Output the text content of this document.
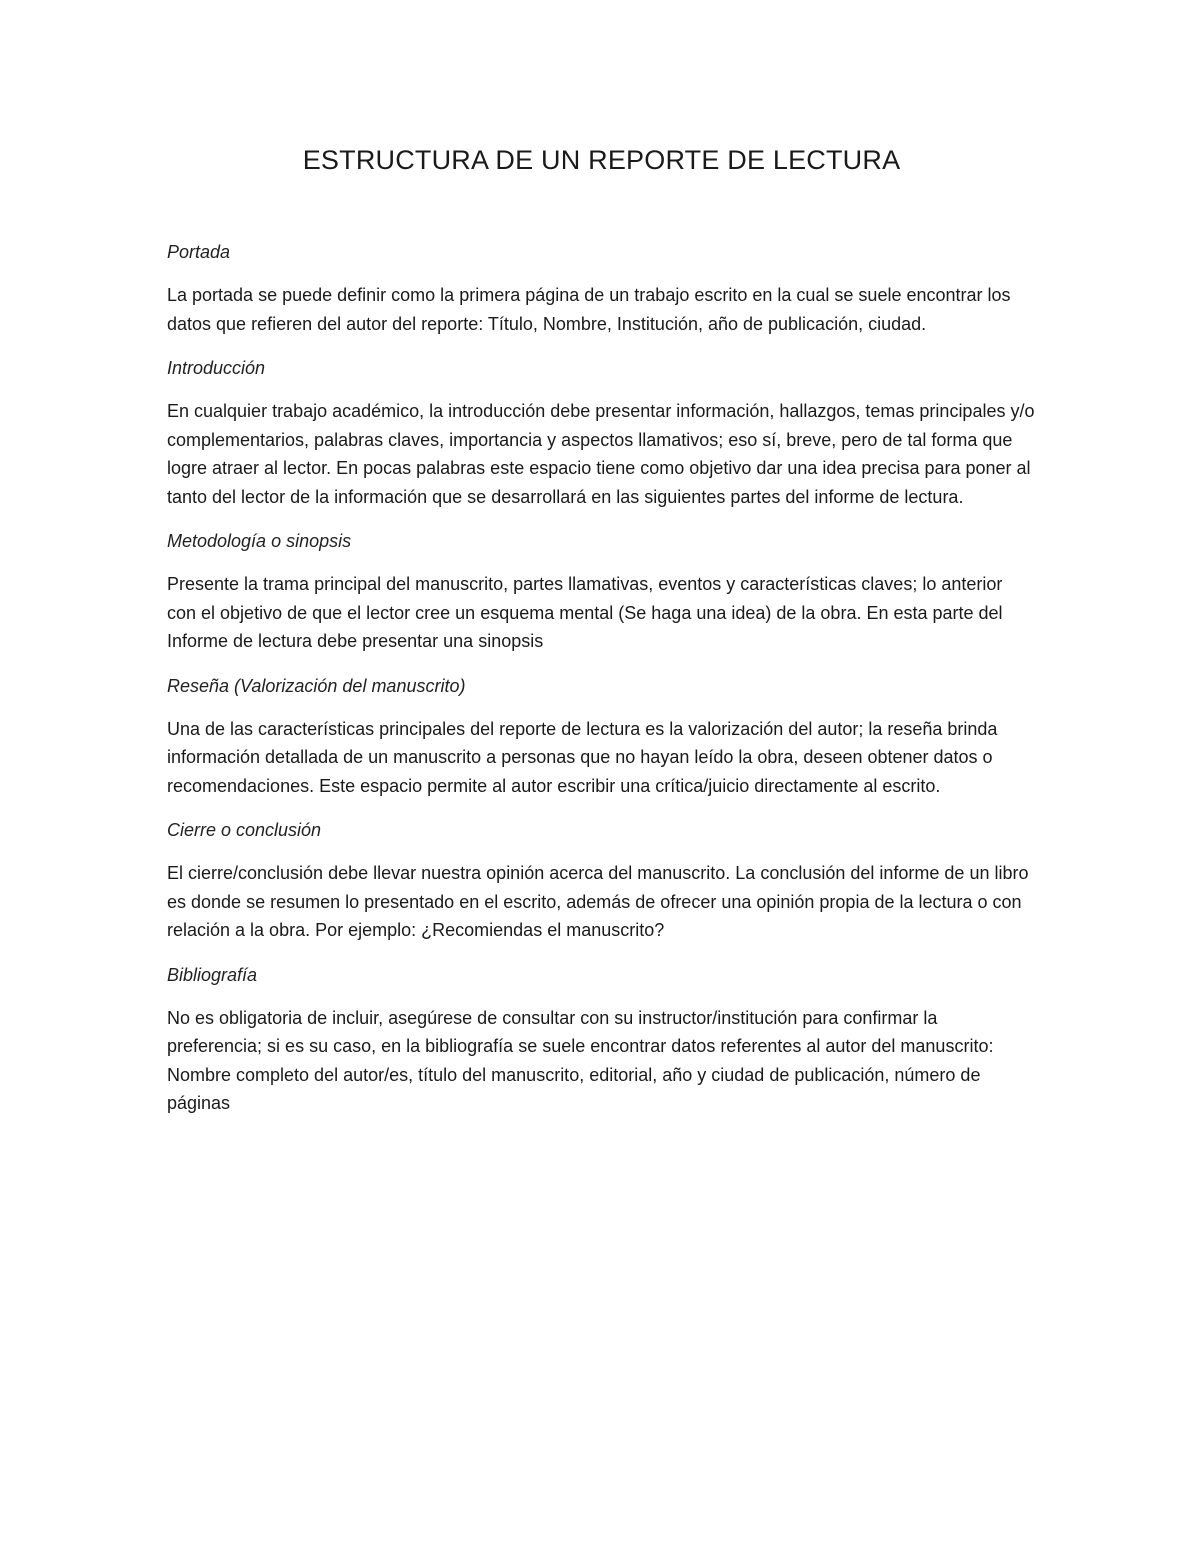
ESTRUCTURA DE UN REPORTE DE LECTURA

Portada

La portada se puede definir como la primera página de un trabajo escrito en la cual se suele encontrar los datos que refieren del autor del reporte: Título, Nombre, Institución, año de publicación, ciudad.

Introducción

En cualquier trabajo académico, la introducción debe presentar información, hallazgos, temas principales y/o complementarios, palabras claves, importancia y aspectos llamativos; eso sí, breve, pero de tal forma que logre atraer al lector. En pocas palabras este espacio tiene como objetivo dar una idea precisa para poner al tanto del lector de la información que se desarrollará en las siguientes partes del informe de lectura.

Metodología o sinopsis

Presente la trama principal del manuscrito, partes llamativas, eventos y características claves; lo anterior con el objetivo de que el lector cree un esquema mental (Se haga una idea) de la obra. En esta parte del Informe de lectura debe presentar una sinopsis

Reseña (Valorización del manuscrito)

Una de las características principales del reporte de lectura es la valorización del autor; la reseña brinda información detallada de un manuscrito a personas que no hayan leído la obra, deseen obtener datos o recomendaciones. Este espacio permite al autor escribir una crítica/juicio directamente al escrito.

Cierre o conclusión

El cierre/conclusión debe llevar nuestra opinión acerca del manuscrito. La conclusión del informe de un libro es donde se resumen lo presentado en el escrito, además de ofrecer una opinión propia de la lectura o con relación a la obra. Por ejemplo: ¿Recomiendas el manuscrito?

Bibliografía

No es obligatoria de incluir, asegúrese de consultar con su instructor/institución para confirmar la preferencia; si es su caso, en la bibliografía se suele encontrar datos referentes al autor del manuscrito: Nombre completo del autor/es, título del manuscrito, editorial, año y ciudad de publicación, número de páginas
